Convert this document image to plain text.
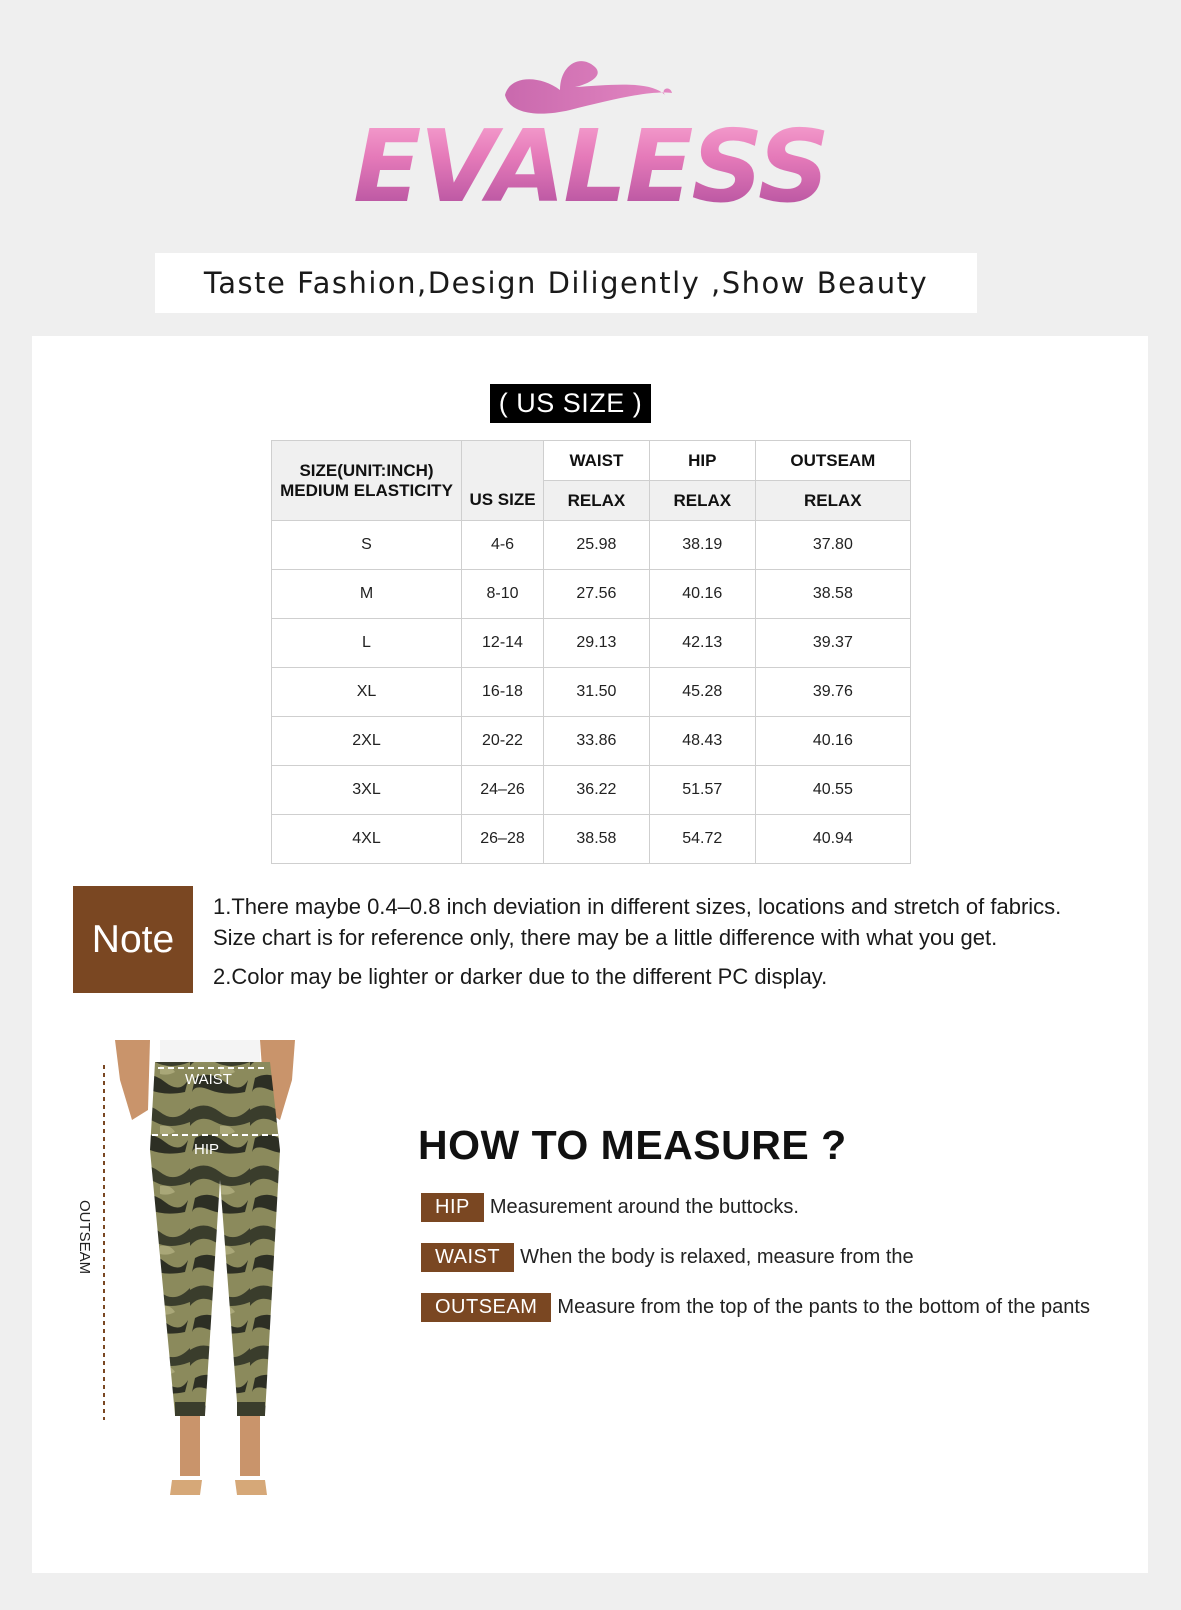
EVALESS
Taste Fashion,Design Diligently ,Show Beauty
( US SIZE )
SIZE(UNIT:INCH)
MEDIUM ELASTICITY	US SIZE	WAIST	HIP	OUTSEAM
		RELAX	RELAX	RELAX
S	4-6	25.98	38.19	37.80
M	8-10	27.56	40.16	38.58
L	12-14	29.13	42.13	39.37
XL	16-18	31.50	45.28	39.76
2XL	20-22	33.86	48.43	40.16
3XL	24–26	36.22	51.57	40.55
4XL	26–28	38.58	54.72	40.94
Note

1.There maybe 0.4–0.8 inch deviation in different sizes, locations and stretch of fabrics.

Size chart is for reference only, there may be a little difference with what you get.

2.Color may be lighter or darker due to the different PC display.

WAIST
HIP
OUTSEAM
HOW TO MEASURE ?
HIP	Measurement around the buttocks.
WAIST	When the body is relaxed, measure from the
OUTSEAM	Measure from the top of the pants to the bottom of the pants
